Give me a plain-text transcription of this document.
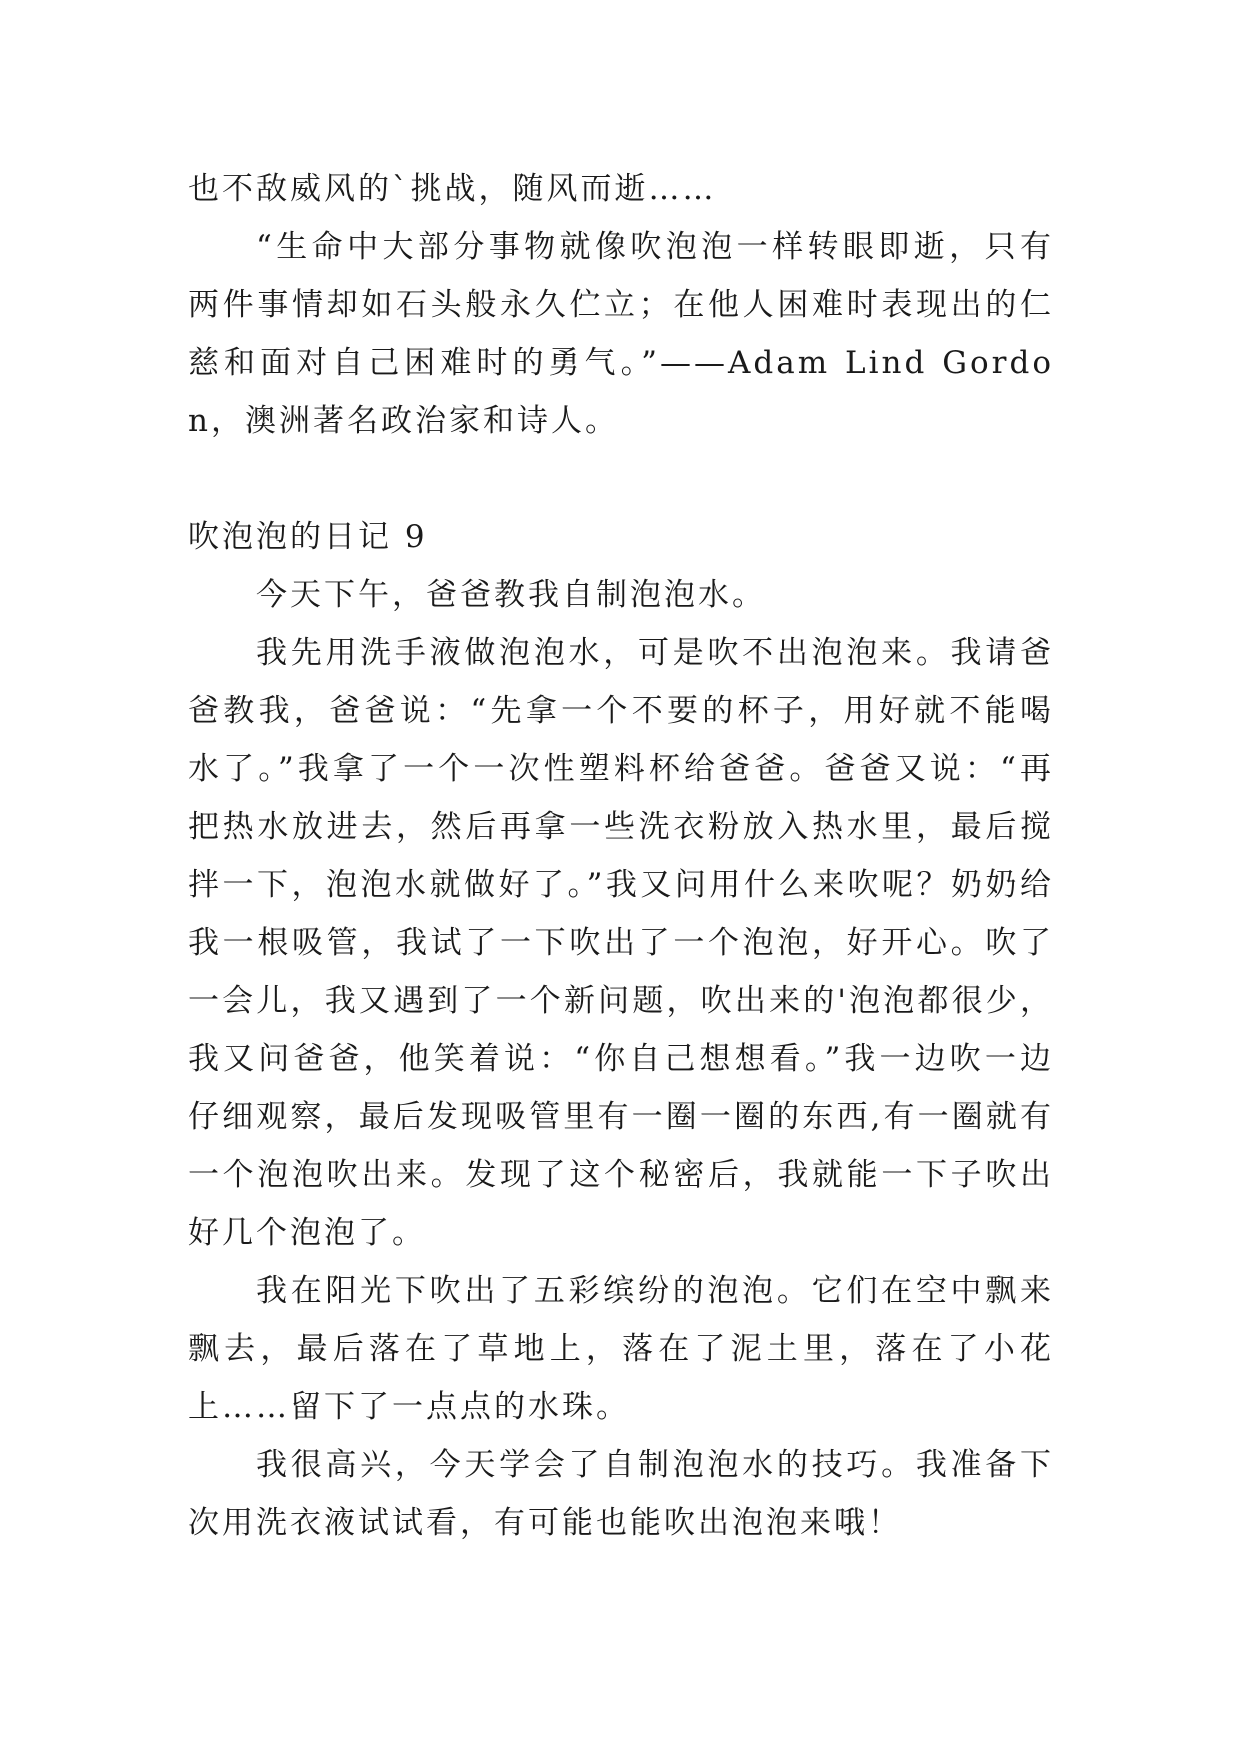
也不敌威风的`挑战，随风而逝……

“生命中大部分事物就像吹泡泡一样转眼即逝，只有两件事情却如石头般永久伫立；在他人困难时表现出的仁慈和面对自己困难时的勇气。”——Adam Lind Gordon，澳洲著名政治家和诗人。

吹泡泡的日记 9

今天下午，爸爸教我自制泡泡水。

我先用洗手液做泡泡水，可是吹不出泡泡来。我请爸爸教我，爸爸说：“先拿一个不要的杯子，用好就不能喝水了。”我拿了一个一次性塑料杯给爸爸。爸爸又说：“再把热水放进去，然后再拿一些洗衣粉放入热水里，最后搅拌一下，泡泡水就做好了。”我又问用什么来吹呢？奶奶给我一根吸管，我试了一下吹出了一个泡泡，好开心。吹了一会儿，我又遇到了一个新问题，吹出来的'泡泡都很少，我又问爸爸，他笑着说：“你自己想想看。”我一边吹一边仔细观察，最后发现吸管里有一圈一圈的东西,有一圈就有一个泡泡吹出来。发现了这个秘密后，我就能一下子吹出好几个泡泡了。

我在阳光下吹出了五彩缤纷的泡泡。它们在空中飘来飘去，最后落在了草地上，落在了泥土里，落在了小花上……留下了一点点的水珠。

我很高兴，今天学会了自制泡泡水的技巧。我准备下次用洗衣液试试看，有可能也能吹出泡泡来哦！
